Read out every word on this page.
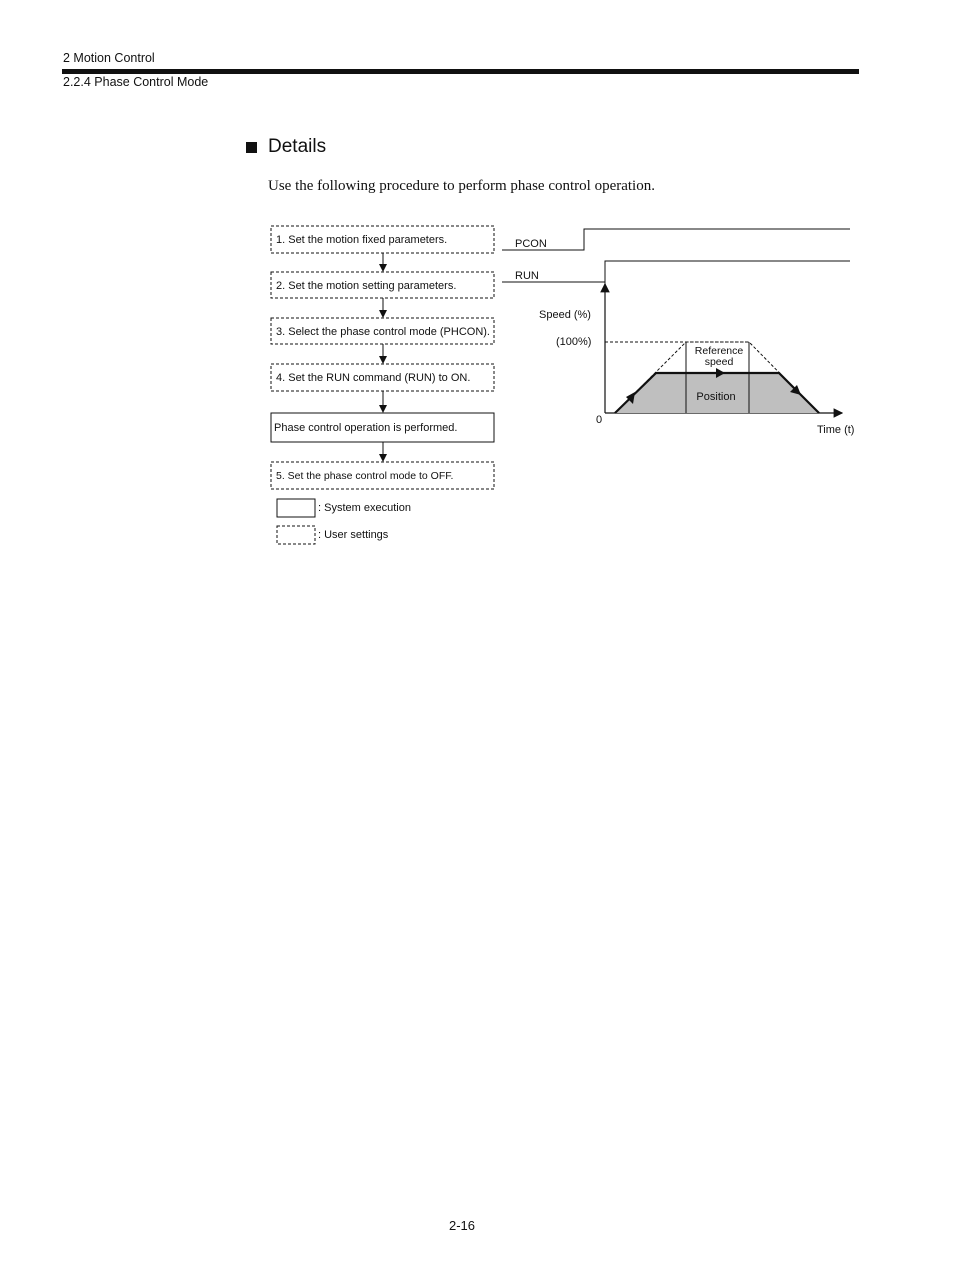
2 Motion Control
2.2.4 Phase Control Mode
Details
Use the following procedure to perform phase control operation.
1. Set the motion fixed parameters.
2. Set the motion setting parameters.
3. Select the phase control mode (PHCON).
4. Set the RUN command (RUN) to ON.
Phase control operation is performed.
5. Set the phase control mode to OFF.
: System execution
: User settings
PCON
RUN
Speed (%)
(100%)
0
Time (t)
Reference
speed
Position
2-16
